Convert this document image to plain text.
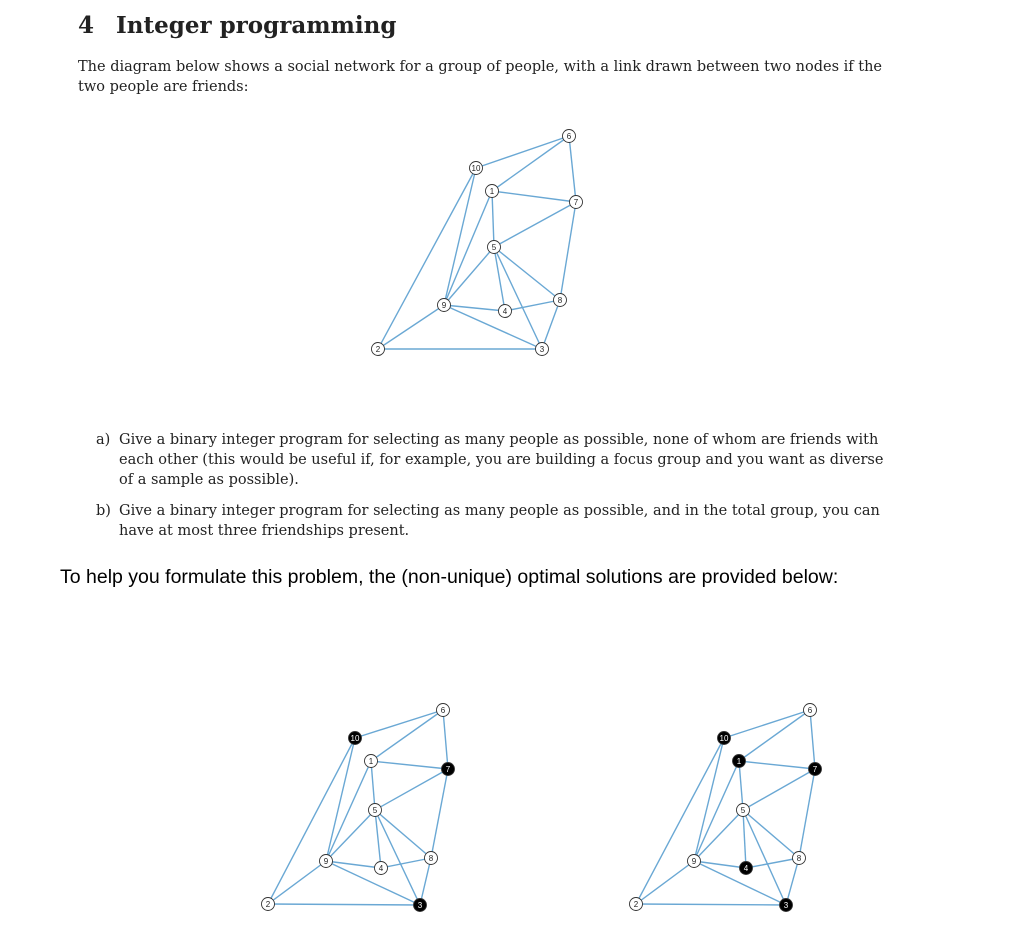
4 Integer programming
The diagram below shows a social network for a group of people, with a link drawn between two nodes if the two people are friends:
1
2	3
4
5
6
7
8
9
10
a) Give a binary integer program for selecting as many people as possible, none of whom are friends with each other (this would be useful if, for example, you are building a focus group and you want as diverse of a sample as possible).
b) Give a binary integer program for selecting as many people as possible, and in the total group, you can have at most three friendships present.
To help you formulate this problem, the (non-unique) optimal solutions are provided below:
1
2	3
4
5
6
7
8
9
10
1
2	3
4
5
6
7
8
9
10
